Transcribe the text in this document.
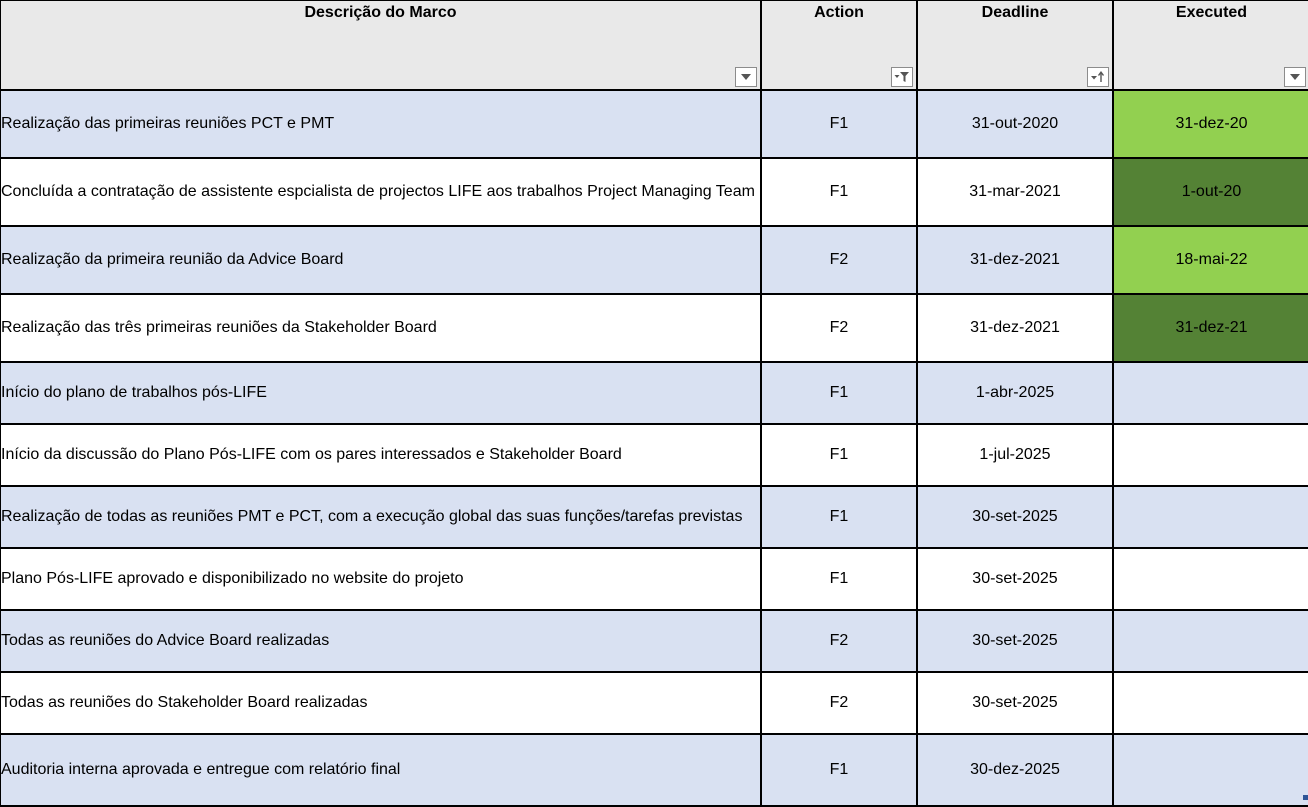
Descrição do Marco	Action	Deadline	Executed

Realização das primeiras reuniões PCT e PMT	F1	31-out-2020	31-dez-20
Concluída a contratação de assistente espcialista de projectos LIFE aos trabalhos Project Managing Team	F1	31-mar-2021	1-out-20
Realização da primeira reunião da Advice Board	F2	31-dez-2021	18-mai-22
Realização das três primeiras reuniões da Stakeholder Board	F2	31-dez-2021	31-dez-21
Início do plano de trabalhos pós-LIFE	F1	1-abr-2025	
Início da discussão do Plano Pós-LIFE com os pares interessados e Stakeholder Board	F1	1-jul-2025	
Realização de todas as reuniões PMT e PCT, com a execução global das suas funções/tarefas previstas	F1	30-set-2025	
Plano Pós-LIFE aprovado e disponibilizado no website do projeto	F1	30-set-2025	
Todas as reuniões do Advice Board realizadas	F2	30-set-2025	
Todas as reuniões do Stakeholder Board realizadas	F2	30-set-2025	
Auditoria interna aprovada e entregue com relatório final	F1	30-dez-2025	
